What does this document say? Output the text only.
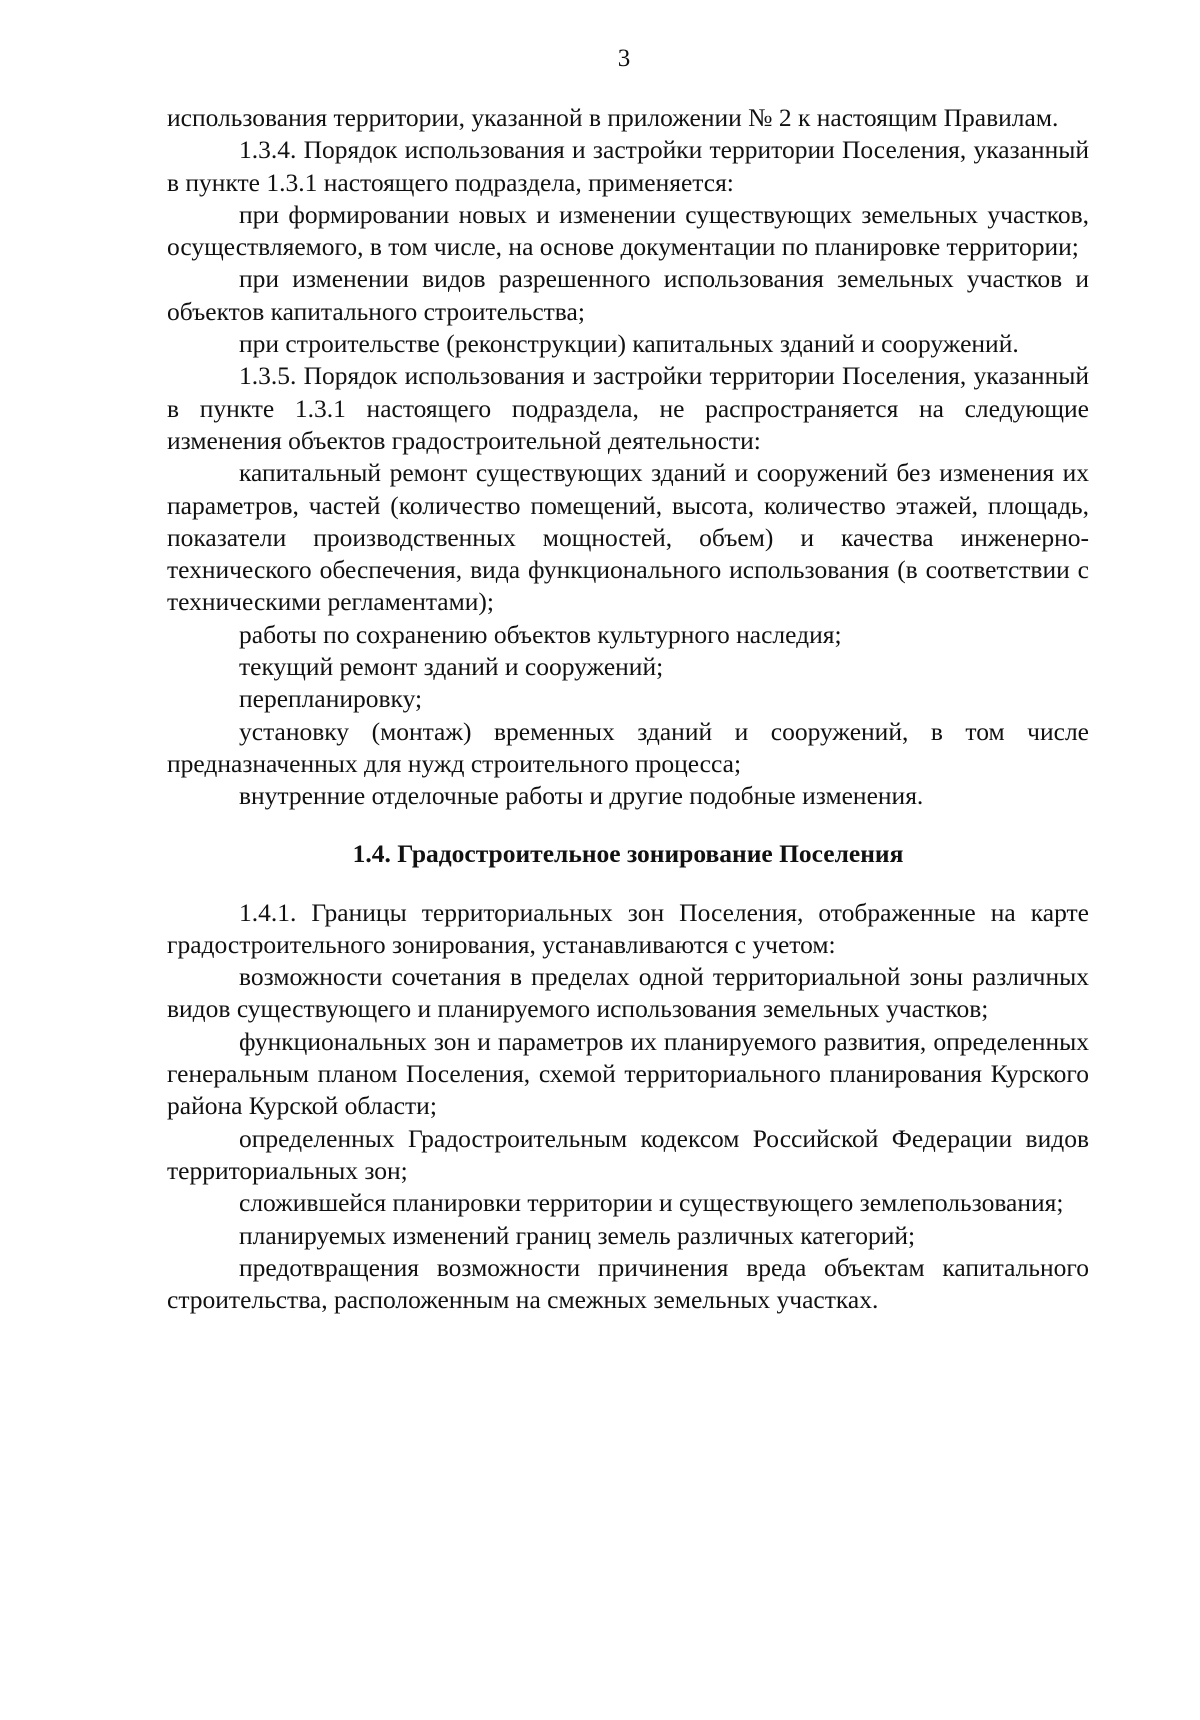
3

использования территории, указанной в приложении № 2 к настоящим Правилам.

1.3.4. Порядок использования и застройки территории Поселения, указанный в пункте 1.3.1 настоящего подраздела, применяется:

при формировании новых и изменении существующих земельных участков, осуществляемого, в том числе, на основе документации по планировке территории;

при изменении видов разрешенного использования земельных участков и объектов капитального строительства;

при строительстве (реконструкции) капитальных зданий и сооружений.

1.3.5. Порядок использования и застройки территории Поселения, указанный в пункте 1.3.1 настоящего подраздела, не распространяется на следующие изменения объектов градостроительной деятельности:

капитальный ремонт существующих зданий и сооружений без изменения их параметров, частей (количество помещений, высота, количество этажей, площадь, показатели производственных мощностей, объем) и качества инженерно-технического обеспечения, вида функционального использования (в соответствии с техническими регламентами);

работы по сохранению объектов культурного наследия;

текущий ремонт зданий и сооружений;

перепланировку;

установку (монтаж) временных зданий и сооружений, в том числе предназначенных для нужд строительного процесса;

внутренние отделочные работы и другие подобные изменения.

1.4. Градостроительное зонирование Поселения

1.4.1. Границы территориальных зон Поселения, отображенные на карте градостроительного зонирования, устанавливаются с учетом:

возможности сочетания в пределах одной территориальной зоны различных видов существующего и планируемого использования земельных участков;

функциональных зон и параметров их планируемого развития, определенных генеральным планом Поселения, схемой территориального планирования Курского района Курской области;

определенных Градостроительным кодексом Российской Федерации видов территориальных зон;

сложившейся планировки территории и существующего землепользования;

планируемых изменений границ земель различных категорий;

предотвращения возможности причинения вреда объектам капитального строительства, расположенным на смежных земельных участках.
